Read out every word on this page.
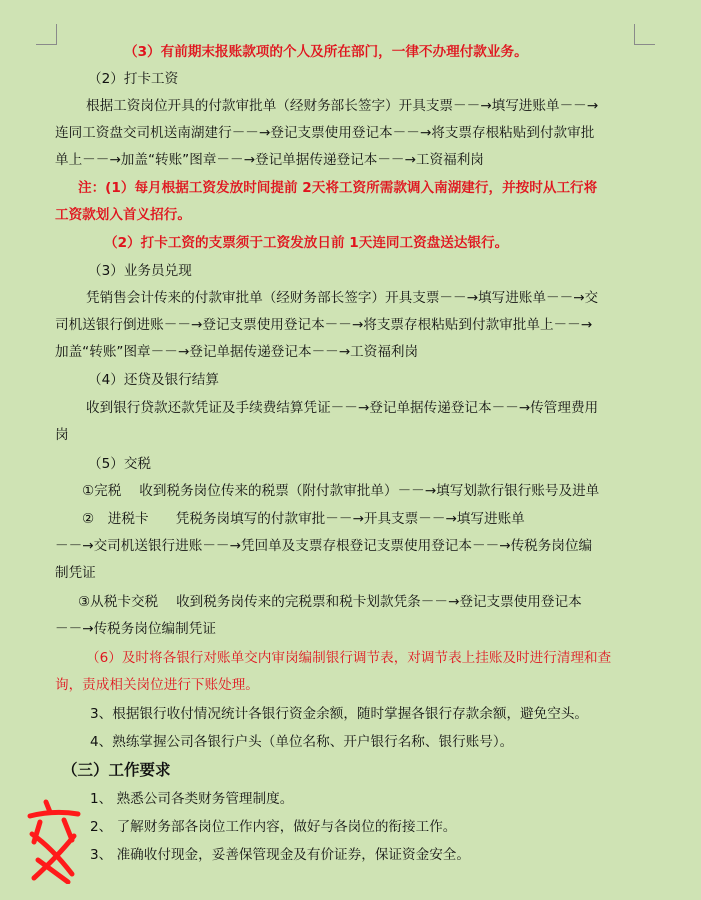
（3）有前期末报账款项的个人及所在部门，一律不办理付款业务。

（2）打卡工资

根据工资岗位开具的付款审批单（经财务部长签字）开具支票－－→填写进账单－－→

连同工资盘交司机送南湖建行－－→登记支票使用登记本－－→将支票存根粘贴到付款审批

单上－－→加盖“转账”图章－－→登记单据传递登记本－－→工资福利岗

注：(1）每月根据工资发放时间提前 2天将工资所需款调入南湖建行，并按时从工行将

工资款划入首义招行。

（2）打卡工资的支票须于工资发放日前 1天连同工资盘送达银行。

（3）业务员兑现

凭销售会计传来的付款审批单（经财务部长签字）开具支票－－→填写进账单－－→交

司机送银行倒进账－－→登记支票使用登记本－－→将支票存根粘贴到付款审批单上－－→

加盖“转账”图章－－→登记单据传递登记本－－→工资福利岗

（4）还贷及银行结算

收到银行贷款还款凭证及手续费结算凭证－－→登记单据传递登记本－－→传管理费用

岗

（5）交税

①完税　 收到税务岗位传来的税票（附付款审批单）－－→填写划款行银行账号及进单

②　进税卡　　凭税务岗填写的付款审批－－→开具支票－－→填写进账单

－－→交司机送银行进账－－→凭回单及支票存根登记支票使用登记本－－→传税务岗位编

制凭证

③从税卡交税　 收到税务岗传来的完税票和税卡划款凭条－－→登记支票使用登记本

－－→传税务岗位编制凭证

（6）及时将各银行对账单交内审岗编制银行调节表，对调节表上挂账及时进行清理和查

询，责成相关岗位进行下账处理。

3、根据银行收付情况统计各银行资金余额，随时掌握各银行存款余额，避免空头。

4、熟练掌握公司各银行户头（单位名称、开户银行名称、银行账号）。

（三）工作要求

1、 熟悉公司各类财务管理制度。

2、 了解财务部各岗位工作内容，做好与各岗位的衔接工作。

3、 准确收付现金，妥善保管现金及有价证券，保证资金安全。
